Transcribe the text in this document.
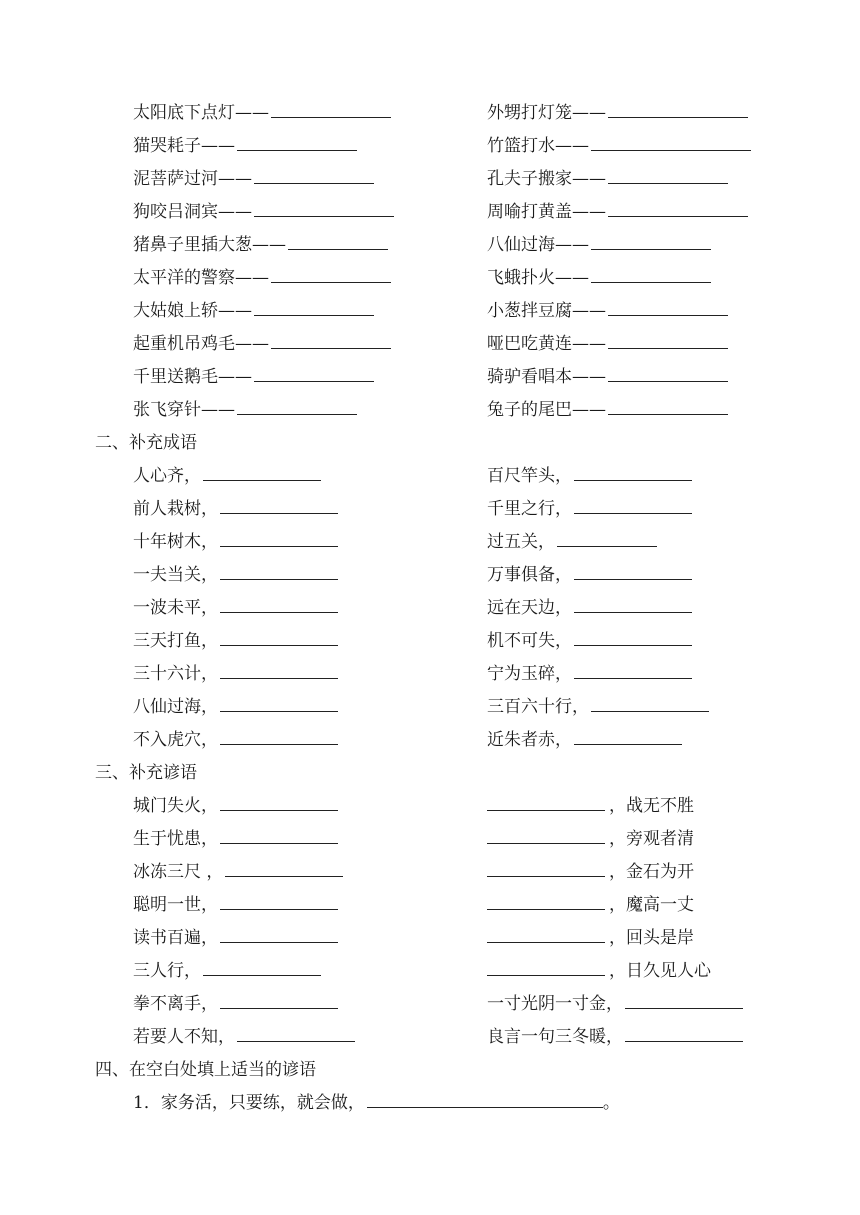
太阳底下点灯——
猫哭耗子——
泥菩萨过河——
狗咬吕洞宾——
猪鼻子里插大葱——
太平洋的警察——
大姑娘上轿——
起重机吊鸡毛——
千里送鹅毛——
张飞穿针——
外甥打灯笼——
竹篮打水——
孔夫子搬家——
周喻打黄盖——
八仙过海——
飞蛾扑火——
小葱拌豆腐——
哑巴吃黄连——
骑驴看唱本——
兔子的尾巴——
二、补充成语
人心齐，
前人栽树，
十年树木，
一夫当关，
一波未平，
三天打鱼，
三十六计，
八仙过海，
不入虎穴，
百尺竿头，
千里之行，
过五关，
万事俱备，
远在天边，
机不可失，
宁为玉碎，
三百六十行，
近朱者赤，
三、补充谚语
城门失火，
生于忧患，
冰冻三尺 ，
聪明一世，
读书百遍，
三人行，
拳不离手，
若要人不知，
，战无不胜
，旁观者清
，金石为开
，魔高一丈
，回头是岸
，日久见人心
一寸光阴一寸金，
良言一句三冬暖，
四、在空白处填上适当的谚语
1．家务活，只要练，就会做，	。
